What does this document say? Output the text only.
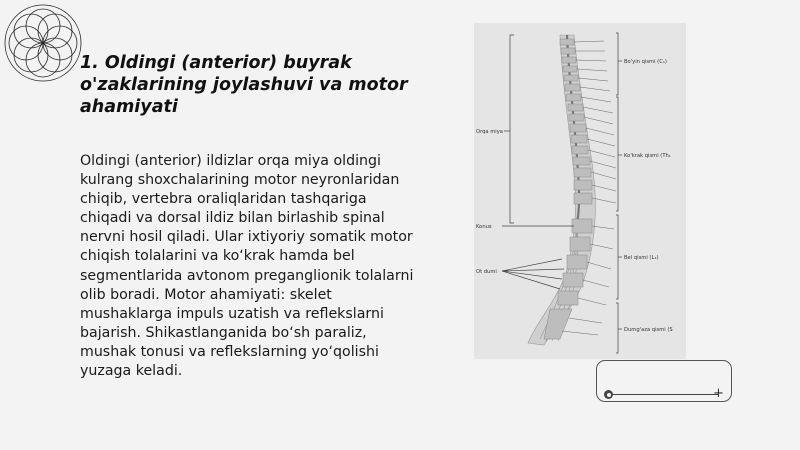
1. Oldingi (anterior) buyrak o'zaklarining joylashuvi va motor ahamiyati

Oldingi (anterior) ildizlar orqa miya oldingi kulrang shoxchalarining motor neyronlaridan chiqib, vertebra oraliqlaridan tashqariga chiqadi va dorsal ildiz bilan birlashib spinal nervni hosil qiladi. Ular ixtiyoriy somatik motor chiqish tolalarini va ko‘krak hamda bel segmentlarida avtonom preganglionik tolalarni olib boradi. Motor ahamiyati: skelet mushaklarga impuls uzatish va reflekslarni bajarish. Shikastlanganida bo‘sh paraliz, mushak tonusi va reflekslarning yo‘qolishi yuzaga keladi.

Orqa miya
Konus
Ot dumi
Bo'yin qismi (C₁)
Ko'krak qismi (Th₁
Bel qismi (L₁)
Dumg'aza qismi (S
+
